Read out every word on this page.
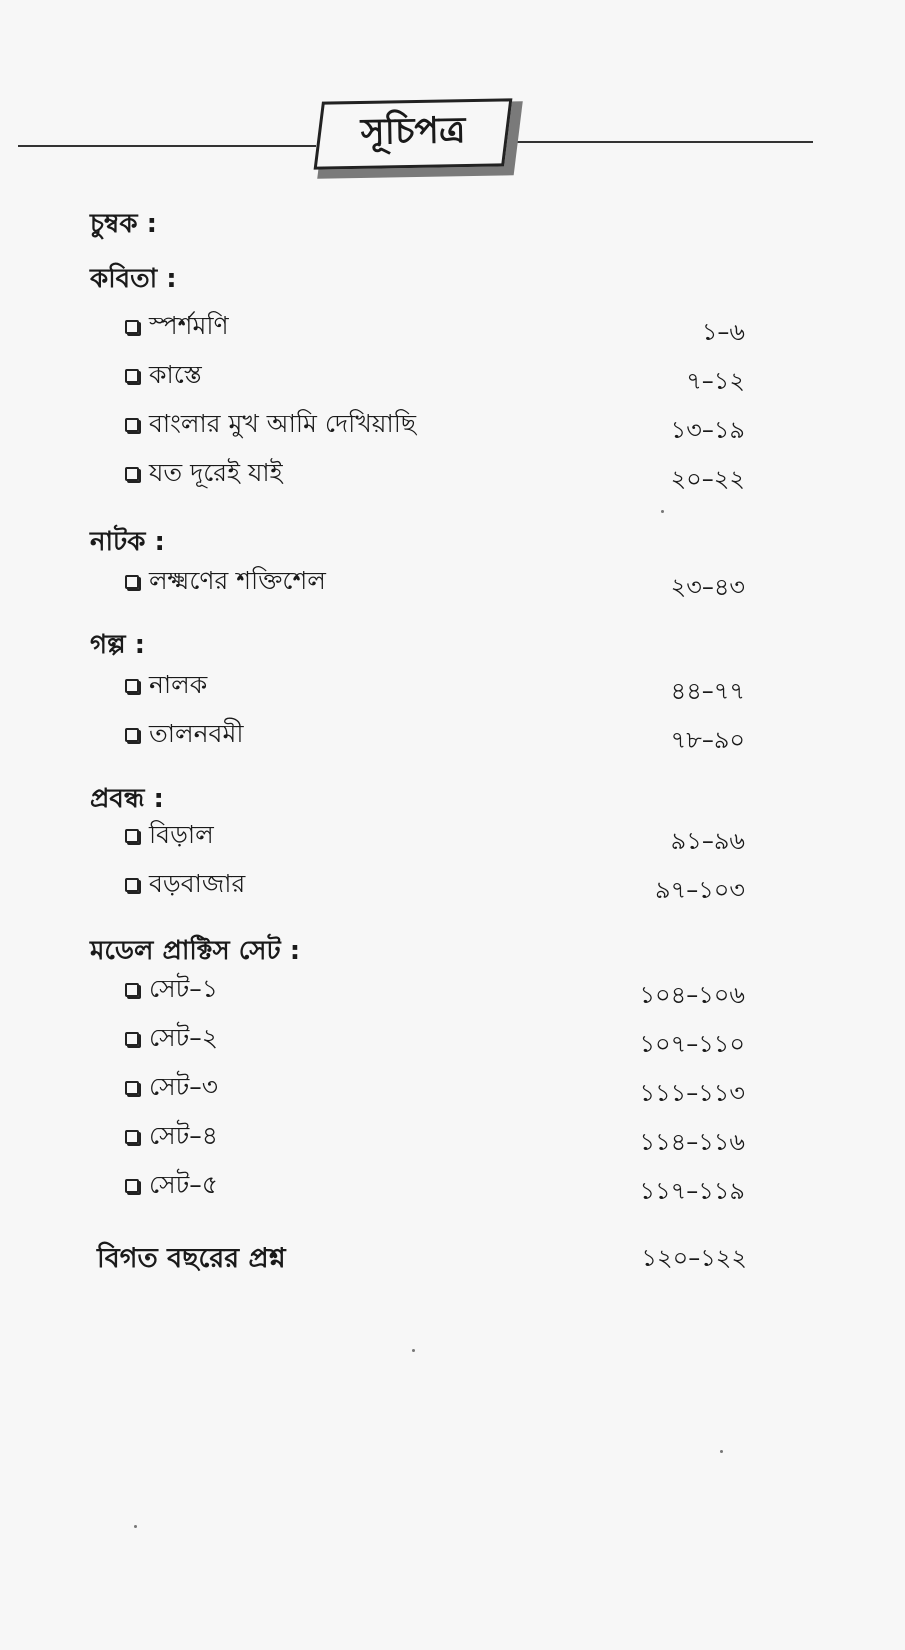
সূচিপত্র
চুম্বক :
কবিতা :
স্পর্শমণি	১–৬
কাস্তে	৭–১২
বাংলার মুখ আমি দেখিয়াছি	১৩–১৯
যত দূরেই যাই	২০–২২
নাটক :
লক্ষ্মণের শক্তিশেল	২৩–৪৩
গল্প :
নালক	৪৪–৭৭
তালনবমী	৭৮–৯০
প্রবন্ধ :
বিড়াল	৯১–৯৬
বড়বাজার	৯৭–১০৩
মডেল প্রাক্টিস সেট :
সেট–১	১০৪–১০৬
সেট–২	১০৭–১১০
সেট–৩	১১১–১১৩
সেট–৪	১১৪–১১৬
সেট–৫	১১৭–১১৯
বিগত বছরের প্রশ্ন	১২০–১২২
